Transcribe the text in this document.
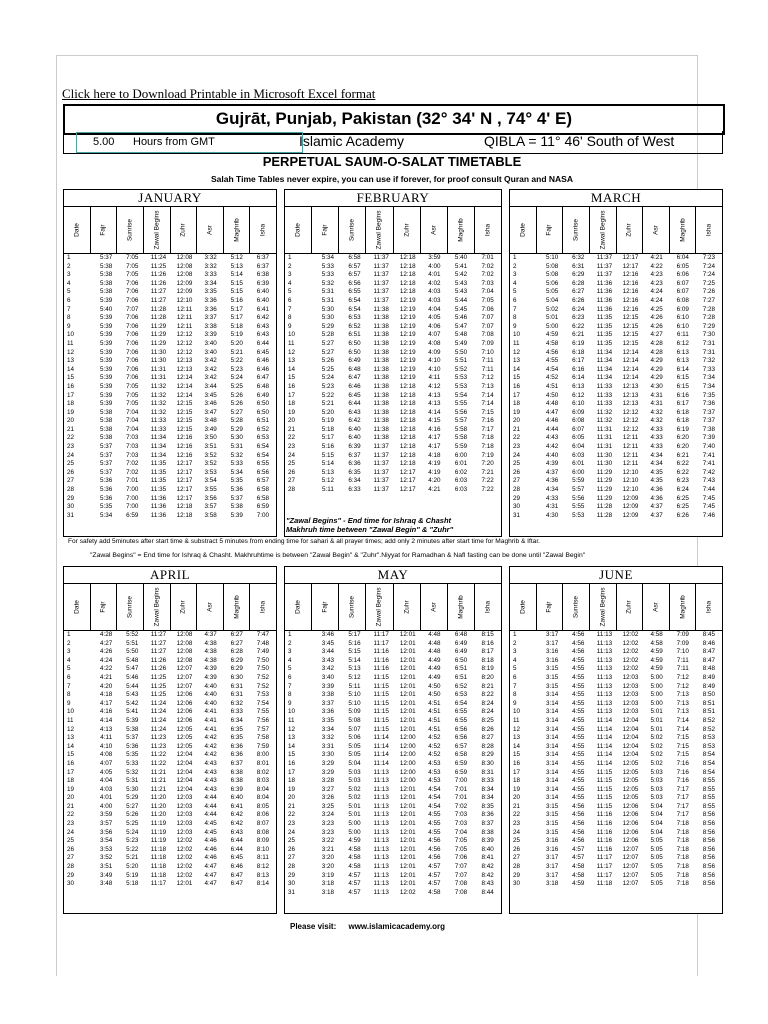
Click here to Download Printable in Microsoft Excel format
Gujrāt, Punjab, Pakistan (32° 34' N , 74° 4' E)
5.00 Hours from GMT	Islamic Academy	QIBLA = 11° 46' South of West
PERPETUAL SAUM-O-SALAT TIMETABLE
Salah Time Tables never expire, you can use if forever, for proof consult Quran and NASA
JANUARY
Date	Fajr	Sunrise	Zawal Begins	Zuhr	Asr	Maghrib	Isha
1	5:37	7:05	11:24	12:08	3:32	5:12	6:37
2	5:38	7:05	11:25	12:08	3:32	5:13	6:37
3	5:38	7:05	11:26	12:08	3:33	5:14	6:38
4	5:38	7:06	11:26	12:09	3:34	5:15	6:39
5	5:38	7:06	11:27	12:09	3:35	5:15	6:40
6	5:39	7:06	11:27	12:10	3:36	5:16	6:40
7	5:40	7:07	11:28	12:11	3:36	5:17	6:41
8	5:39	7:06	11:28	12:11	3:37	5:17	6:42
9	5:39	7:06	11:29	12:11	3:38	5:18	6:43
10	5:39	7:06	11:29	12:12	3:39	5:19	6:43
11	5:39	7:06	11:29	12:12	3:40	5:20	6:44
12	5:39	7:06	11:30	12:12	3:40	5:21	6:45
13	5:39	7:06	11:30	12:13	3:42	5:22	6:46
14	5:39	7:06	11:31	12:13	3:42	5:23	6:46
15	5:39	7:06	11:31	12:14	3:42	5:24	6:47
16	5:39	7:05	11:32	12:14	3:44	5:25	6:48
17	5:39	7:05	11:32	12:14	3:45	5:26	6:49
18	5:39	7:05	11:32	12:15	3:46	5:26	6:50
19	5:38	7:04	11:32	12:15	3:47	5:27	6:50
20	5:38	7:04	11:33	12:15	3:48	5:28	6:51
21	5:38	7:04	11:33	12:15	3:49	5:29	6:52
22	5:38	7:03	11:34	12:16	3:50	5:30	6:53
23	5:37	7:03	11:34	12:16	3:51	5:31	6:54
24	5:37	7:03	11:34	12:16	3:52	5:32	6:54
25	5:37	7:02	11:35	12:17	3:52	5:33	6:55
26	5:37	7:02	11:35	12:17	3:53	5:34	6:56
27	5:36	7:01	11:35	12:17	3:54	5:35	6:57
28	5:36	7:00	11:35	12:17	3:55	5:36	6:58
29	5:36	7:00	11:36	12:17	3:56	5:37	6:58
30	5:35	7:00	11:36	12:18	3:57	5:38	6:59
31	5:34	6:59	11:36	12:18	3:58	5:39	7:00
FEBRUARY
Date	Fajr	Sunrise	Zawal Begins	Zuhr	Asr	Maghrib	Isha
1	5:34	6:58	11:37	12:18	3:59	5:40	7:01
2	5:33	6:57	11:37	12:18	4:00	5:41	7:02
3	5:33	6:57	11:37	12:18	4:01	5:42	7:02
4	5:32	6:56	11:37	12:18	4:02	5:43	7:03
5	5:31	6:55	11:37	12:18	4:03	5:43	7:04
6	5:31	6:54	11:37	12:19	4:03	5:44	7:05
7	5:30	6:54	11:38	12:19	4:04	5:45	7:06
8	5:30	6:53	11:38	12:19	4:05	5:46	7:07
9	5:29	6:52	11:38	12:19	4:06	5:47	7:07
10	5:28	6:51	11:38	12:19	4:07	5:48	7:08
11	5:27	6:50	11:38	12:19	4:08	5:49	7:09
12	5:27	6:50	11:38	12:19	4:09	5:50	7:10
13	5:26	6:49	11:38	12:19	4:10	5:51	7:11
14	5:25	6:48	11:38	12:19	4:10	5:52	7:11
15	5:24	6:47	11:38	12:19	4:11	5:53	7:12
16	5:23	6:46	11:38	12:18	4:12	5:53	7:13
17	5:22	6:45	11:38	12:18	4:13	5:54	7:14
18	5:21	6:44	11:38	12:18	4:13	5:55	7:14
19	5:20	6:43	11:38	12:18	4:14	5:56	7:15
20	5:19	6:42	11:38	12:18	4:15	5:57	7:16
21	5:18	6:40	11:38	12:18	4:16	5:58	7:17
22	5:17	6:40	11:38	12:18	4:17	5:58	7:18
23	5:16	6:39	11:37	12:18	4:17	5:59	7:18
24	5:15	6:37	11:37	12:18	4:18	6:00	7:19
25	5:14	6:36	11:37	12:18	4:19	6:01	7:20
26	5:13	6:35	11:37	12:17	4:19	6:02	7:21
27	5:12	6:34	11:37	12:17	4:20	6:03	7:22
28	5:11	6:33	11:37	12:17	4:21	6:03	7:22
MARCH
Date	Fajr	Sunrise	Zawal Begins	Zuhr	Asr	Maghrib	Isha
1	5:10	6:32	11:37	12:17	4:21	6:04	7:23
2	5:08	6:31	11:37	12:17	4:22	6:05	7:24
3	5:08	6:29	11:37	12:16	4:23	6:06	7:24
4	5:06	6:28	11:36	12:16	4:23	6:07	7:25
5	5:05	6:27	11:36	12:16	4:24	6:07	7:26
6	5:04	6:26	11:36	12:16	4:24	6:08	7:27
7	5:02	6:24	11:36	12:16	4:25	6:09	7:28
8	5:01	6:23	11:35	12:15	4:26	6:10	7:28
9	5:00	6:22	11:35	12:15	4:26	6:10	7:29
10	4:59	6:21	11:35	12:15	4:27	6:11	7:30
11	4:58	6:19	11:35	12:15	4:28	6:12	7:31
12	4:56	6:18	11:34	12:14	4:28	6:13	7:31
13	4:55	6:17	11:34	12:14	4:29	6:13	7:32
14	4:54	6:16	11:34	12:14	4:29	6:14	7:33
15	4:52	6:14	11:34	12:14	4:29	6:15	7:34
16	4:51	6:13	11:33	12:13	4:30	6:15	7:34
17	4:50	6:12	11:33	12:13	4:31	6:16	7:35
18	4:48	6:10	11:33	12:13	4:31	6:17	7:36
19	4:47	6:09	11:32	12:12	4:32	6:18	7:37
20	4:46	6:08	11:32	12:12	4:32	6:18	7:37
21	4:44	6:07	11:31	12:12	4:33	6:19	7:38
22	4:43	6:05	11:31	12:11	4:33	6:20	7:39
23	4:42	6:04	11:31	12:11	4:33	6:20	7:40
24	4:40	6:03	11:30	12:11	4:34	6:21	7:41
25	4:39	6:01	11:30	12:11	4:34	6:22	7:41
26	4:37	6:00	11:29	12:10	4:35	6:22	7:42
27	4:36	5:59	11:29	12:10	4:35	6:23	7:43
28	4:34	5:57	11:29	12:10	4:36	6:24	7:44
29	4:33	5:56	11:29	12:09	4:36	6:25	7:45
30	4:31	5:55	11:28	12:09	4:37	6:25	7:45
31	4:30	5:53	11:28	12:09	4:37	6:26	7:46
APRIL
Date	Fajr	Sunrise	Zawal Begins	Zuhr	Asr	Maghrib	Isha
1	4:28	5:52	11:27	12:08	4:37	6:27	7:47
2	4:27	5:51	11:27	12:08	4:38	6:27	7:48
3	4:26	5:50	11:27	12:08	4:38	6:28	7:49
4	4:24	5:48	11:26	12:08	4:38	6:29	7:50
5	4:22	5:47	11:26	12:07	4:39	6:29	7:50
6	4:21	5:46	11:25	12:07	4:39	6:30	7:52
7	4:20	5:44	11:25	12:07	4:40	6:31	7:52
8	4:18	5:43	11:25	12:06	4:40	6:31	7:53
9	4:17	5:42	11:24	12:06	4:40	6:32	7:54
10	4:16	5:41	11:24	12:06	4:41	6:33	7:55
11	4:14	5:39	11:24	12:06	4:41	6:34	7:56
12	4:13	5:38	11:24	12:05	4:41	6:35	7:57
13	4:11	5:37	11:23	12:05	4:42	6:35	7:58
14	4:10	5:36	11:23	12:05	4:42	6:36	7:59
15	4:08	5:35	11:22	12:04	4:42	6:36	8:00
16	4:07	5:33	11:22	12:04	4:43	6:37	8:01
17	4:05	5:32	11:21	12:04	4:43	6:38	8:02
18	4:04	5:31	11:21	12:04	4:43	6:38	8:03
19	4:03	5:30	11:21	12:04	4:43	6:39	8:04
20	4:01	5:29	11:20	12:03	4:44	6:40	8:04
21	4:00	5:27	11:20	12:03	4:44	6:41	8:05
22	3:59	5:26	11:20	12:03	4:44	6:42	8:06
23	3:57	5:25	11:19	12:03	4:45	6:42	8:07
24	3:56	5:24	11:19	12:03	4:45	6:43	8:08
25	3:54	5:23	11:19	12:02	4:46	6:44	8:09
26	3:53	5:22	11:18	12:02	4:46	6:44	8:10
27	3:52	5:21	11:18	12:02	4:46	6:45	8:11
28	3:51	5:20	11:18	12:02	4:47	6:46	8:12
29	3:49	5:19	11:18	12:02	4:47	6:47	8:13
30	3:48	5:18	11:17	12:01	4:47	6:47	8:14
MAY
Date	Fajr	Sunrise	Zawal Begins	Zuhr	Asr	Maghrib	Isha
1	3:46	5:17	11:17	12:01	4:48	6:48	8:15
2	3:45	5:16	11:17	12:01	4:48	6:49	8:16
3	3:44	5:15	11:16	12:01	4:48	6:49	8:17
4	3:43	5:14	11:16	12:01	4:49	6:50	8:18
5	3:42	5:13	11:16	12:01	4:49	6:51	8:19
6	3:40	5:12	11:15	12:01	4:49	6:51	8:20
7	3:39	5:11	11:15	12:01	4:50	6:52	8:21
8	3:38	5:10	11:15	12:01	4:50	6:53	8:22
9	3:37	5:10	11:15	12:01	4:51	6:54	8:24
10	3:36	5:09	11:15	12:01	4:51	6:55	8:24
11	3:35	5:08	11:15	12:01	4:51	6:55	8:25
12	3:34	5:07	11:15	12:01	4:51	6:56	8:26
13	3:32	5:06	11:14	12:00	4:52	6:56	8:27
14	3:31	5:05	11:14	12:00	4:52	6:57	8:28
15	3:30	5:05	11:14	12:00	4:52	6:58	8:29
16	3:29	5:04	11:14	12:00	4:53	6:59	8:30
17	3:29	5:03	11:13	12:00	4:53	6:59	8:31
18	3:28	5:03	11:13	12:00	4:53	7:00	8:33
19	3:27	5:02	11:13	12:01	4:54	7:01	8:34
20	3:26	5:02	11:13	12:01	4:54	7:01	8:34
21	3:25	5:01	11:13	12:01	4:54	7:02	8:35
22	3:24	5:01	11:13	12:01	4:55	7:03	8:36
23	3:23	5:00	11:13	12:01	4:55	7:03	8:37
24	3:23	5:00	11:13	12:01	4:55	7:04	8:38
25	3:22	4:59	11:13	12:01	4:56	7:05	8:39
26	3:21	4:58	11:13	12:01	4:56	7:05	8:40
27	3:20	4:58	11:13	12:01	4:56	7:06	8:41
28	3:20	4:58	11:13	12:01	4:57	7:07	8:42
29	3:19	4:57	11:13	12:01	4:57	7:07	8:42
30	3:18	4:57	11:13	12:01	4:57	7:08	8:43
31	3:18	4:57	11:13	12:02	4:58	7:08	8:44
JUNE
Date	Fajr	Sunrise	Zawal Begins	Zuhr	Asr	Maghrib	Isha
1	3:17	4:56	11:13	12:02	4:58	7:09	8:45
2	3:17	4:56	11:13	12:02	4:58	7:09	8:46
3	3:16	4:56	11:13	12:02	4:59	7:10	8:47
4	3:16	4:55	11:13	12:02	4:59	7:11	8:47
5	3:15	4:55	11:13	12:02	4:59	7:11	8:48
6	3:15	4:55	11:13	12:03	5:00	7:12	8:49
7	3:15	4:55	11:13	12:03	5:00	7:12	8:49
8	3:14	4:55	11:13	12:03	5:00	7:13	8:50
9	3:14	4:55	11:13	12:03	5:00	7:13	8:51
10	3:14	4:55	11:13	12:03	5:01	7:13	8:51
11	3:14	4:55	11:14	12:04	5:01	7:14	8:52
12	3:14	4:55	11:14	12:04	5:01	7:14	8:52
13	3:14	4:55	11:14	12:04	5:02	7:15	8:53
14	3:14	4:55	11:14	12:04	5:02	7:15	8:53
15	3:14	4:55	11:14	12:04	5:02	7:15	8:54
16	3:14	4:55	11:14	12:05	5:02	7:16	8:54
17	3:14	4:55	11:15	12:05	5:03	7:16	8:54
18	3:14	4:55	11:15	12:05	5:03	7:16	8:55
19	3:14	4:55	11:15	12:05	5:03	7:17	8:55
20	3:14	4:55	11:15	12:05	5:03	7:17	8:55
21	3:15	4:56	11:15	12:06	5:04	7:17	8:55
22	3:15	4:56	11:16	12:06	5:04	7:17	8:56
23	3:15	4:56	11:16	12:06	5:04	7:18	8:56
24	3:15	4:56	11:16	12:06	5:04	7:18	8:56
25	3:16	4:56	11:16	12:06	5:05	7:18	8:56
26	3:16	4:57	11:16	12:07	5:05	7:18	8:56
27	3:17	4:57	11:17	12:07	5:05	7:18	8:56
28	3:17	4:58	11:17	12:07	5:05	7:18	8:56
29	3:17	4:58	11:17	12:07	5:05	7:18	8:56
30	3:18	4:59	11:18	12:07	5:05	7:18	8:56
"Zawal Begins" - End time for Ishraq & Chasht
Makhruh time between "Zawal Begin" & "Zuhr"
For safety add 5minutes after start time & substract 5 minutes from ending time for sahari & all prayer times; add only 2 minutes after start time for Maghrib & Iftar.
"Zawal Begins" = End time for Ishraq & Chasht. Makhruhtime is between "Zawal Begin" & "Zuhr".Niyyat for Ramadhan & Nafl fasting can be done until "Zawal Begin"
Please visit: www.islamicacademy.org
